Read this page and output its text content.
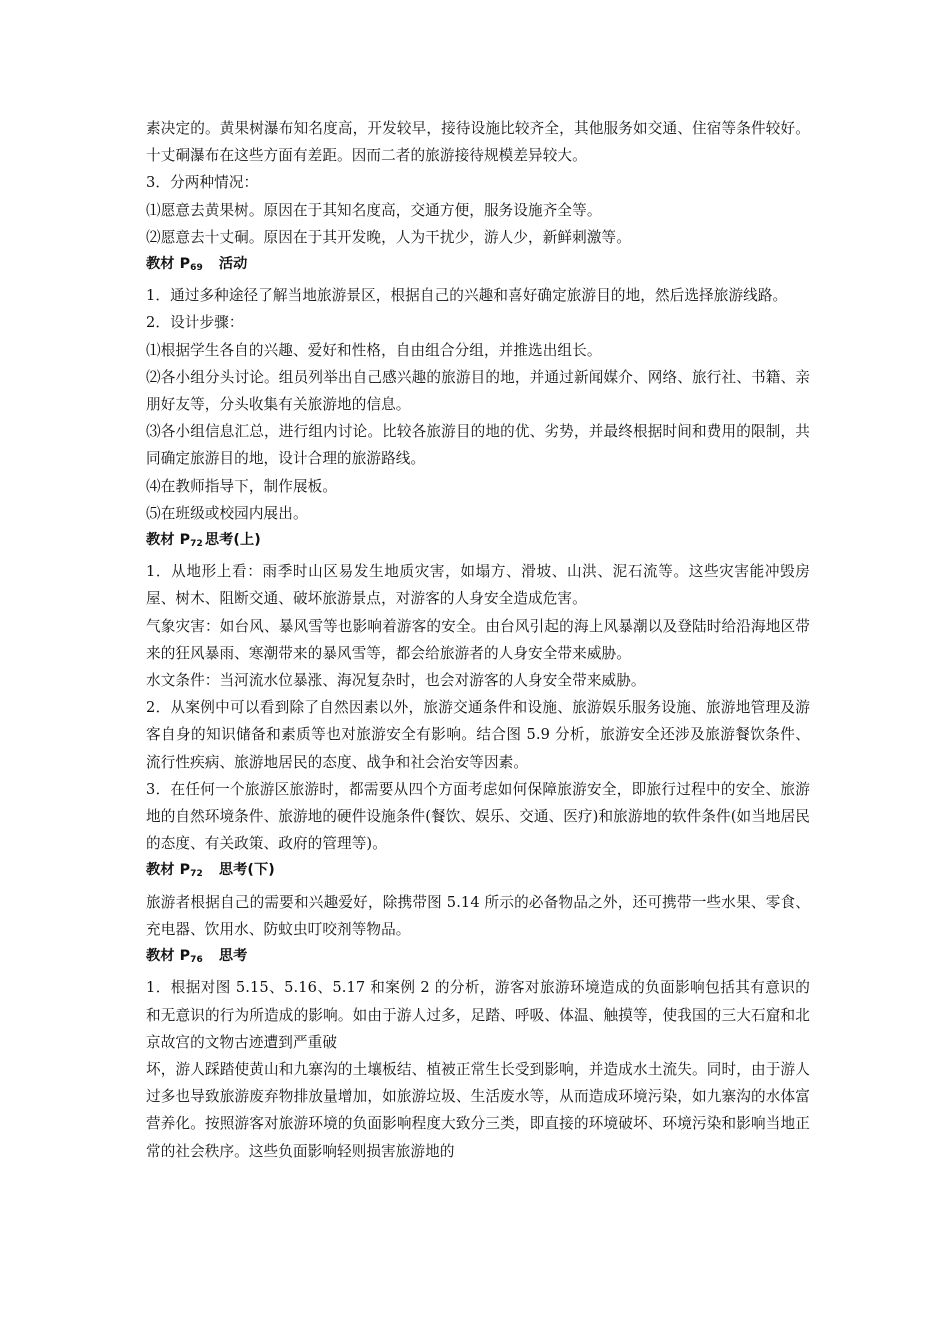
素决定的。黄果树瀑布知名度高，开发较早，接待设施比较齐全，其他服务如交通、住宿等条件较好。十丈硐瀑布在这些方面有差距。因而二者的旅游接待规模差异较大。
3．分两种情况：
⑴愿意去黄果树。原因在于其知名度高，交通方便，服务设施齐全等。
⑵愿意去十丈硐。原因在于其开发晚，人为干扰少，游人少，新鲜刺激等。
教材 $P_{69}$ 活动
1．通过多种途径了解当地旅游景区，根据自己的兴趣和喜好确定旅游目的地，然后选择旅游线路。
2．设计步骤：
⑴根据学生各自的兴趣、爱好和性格，自由组合分组，并推选出组长。
⑵各小组分头讨论。组员列举出自己感兴趣的旅游目的地，并通过新闻媒介、网络、旅行社、书籍、亲朋好友等，分头收集有关旅游地的信息。
⑶各小组信息汇总，进行组内讨论。比较各旅游目的地的优、劣势，并最终根据时间和费用的限制，共同确定旅游目的地，设计合理的旅游路线。
⑷在教师指导下，制作展板。
⑸在班级或校园内展出。
教材 $P_{72}$ 思考(上)
1．从地形上看：雨季时山区易发生地质灾害，如塌方、滑坡、山洪、泥石流等。这些灾害能冲毁房屋、树木、阻断交通、破坏旅游景点，对游客的人身安全造成危害。
气象灾害：如台风、暴风雪等也影响着游客的安全。由台风引起的海上风暴潮以及登陆时给沿海地区带来的狂风暴雨、寒潮带来的暴风雪等，都会给旅游者的人身安全带来威胁。
水文条件：当河流水位暴涨、海况复杂时，也会对游客的人身安全带来威胁。
2．从案例中可以看到除了自然因素以外，旅游交通条件和设施、旅游娱乐服务设施、旅游地管理及游客自身的知识储备和素质等也对旅游安全有影响。结合图 5.9 分析，旅游安全还涉及旅游餐饮条件、流行性疾病、旅游地居民的态度、战争和社会治安等因素。
3．在任何一个旅游区旅游时，都需要从四个方面考虑如何保障旅游安全，即旅行过程中的安全、旅游地的自然环境条件、旅游地的硬件设施条件(餐饮、娱乐、交通、医疗)和旅游地的软件条件(如当地居民的态度、有关政策、政府的管理等)。
教材 $P_{72}$ 思考(下)
旅游者根据自己的需要和兴趣爱好，除携带图 5.14 所示的必备物品之外，还可携带一些水果、零食、充电器、饮用水、防蚊虫叮咬剂等物品。
教材 $P_{76}$ 思考
1．根据对图 5.15、5.16、5.17 和案例 2 的分析，游客对旅游环境造成的负面影响包括其有意识的和无意识的行为所造成的影响。如由于游人过多，足踏、呼吸、体温、触摸等，使我国的三大石窟和北京故宫的文物古迹遭到严重破
坏，游人踩踏使黄山和九寨沟的土壤板结、植被正常生长受到影响，并造成水土流失。同时，由于游人过多也导致旅游废弃物排放量增加，如旅游垃圾、生活废水等，从而造成环境污染，如九寨沟的水体富营养化。按照游客对旅游环境的负面影响程度大致分三类，即直接的环境破坏、环境污染和影响当地正常的社会秩序。这些负面影响轻则损害旅游地的
